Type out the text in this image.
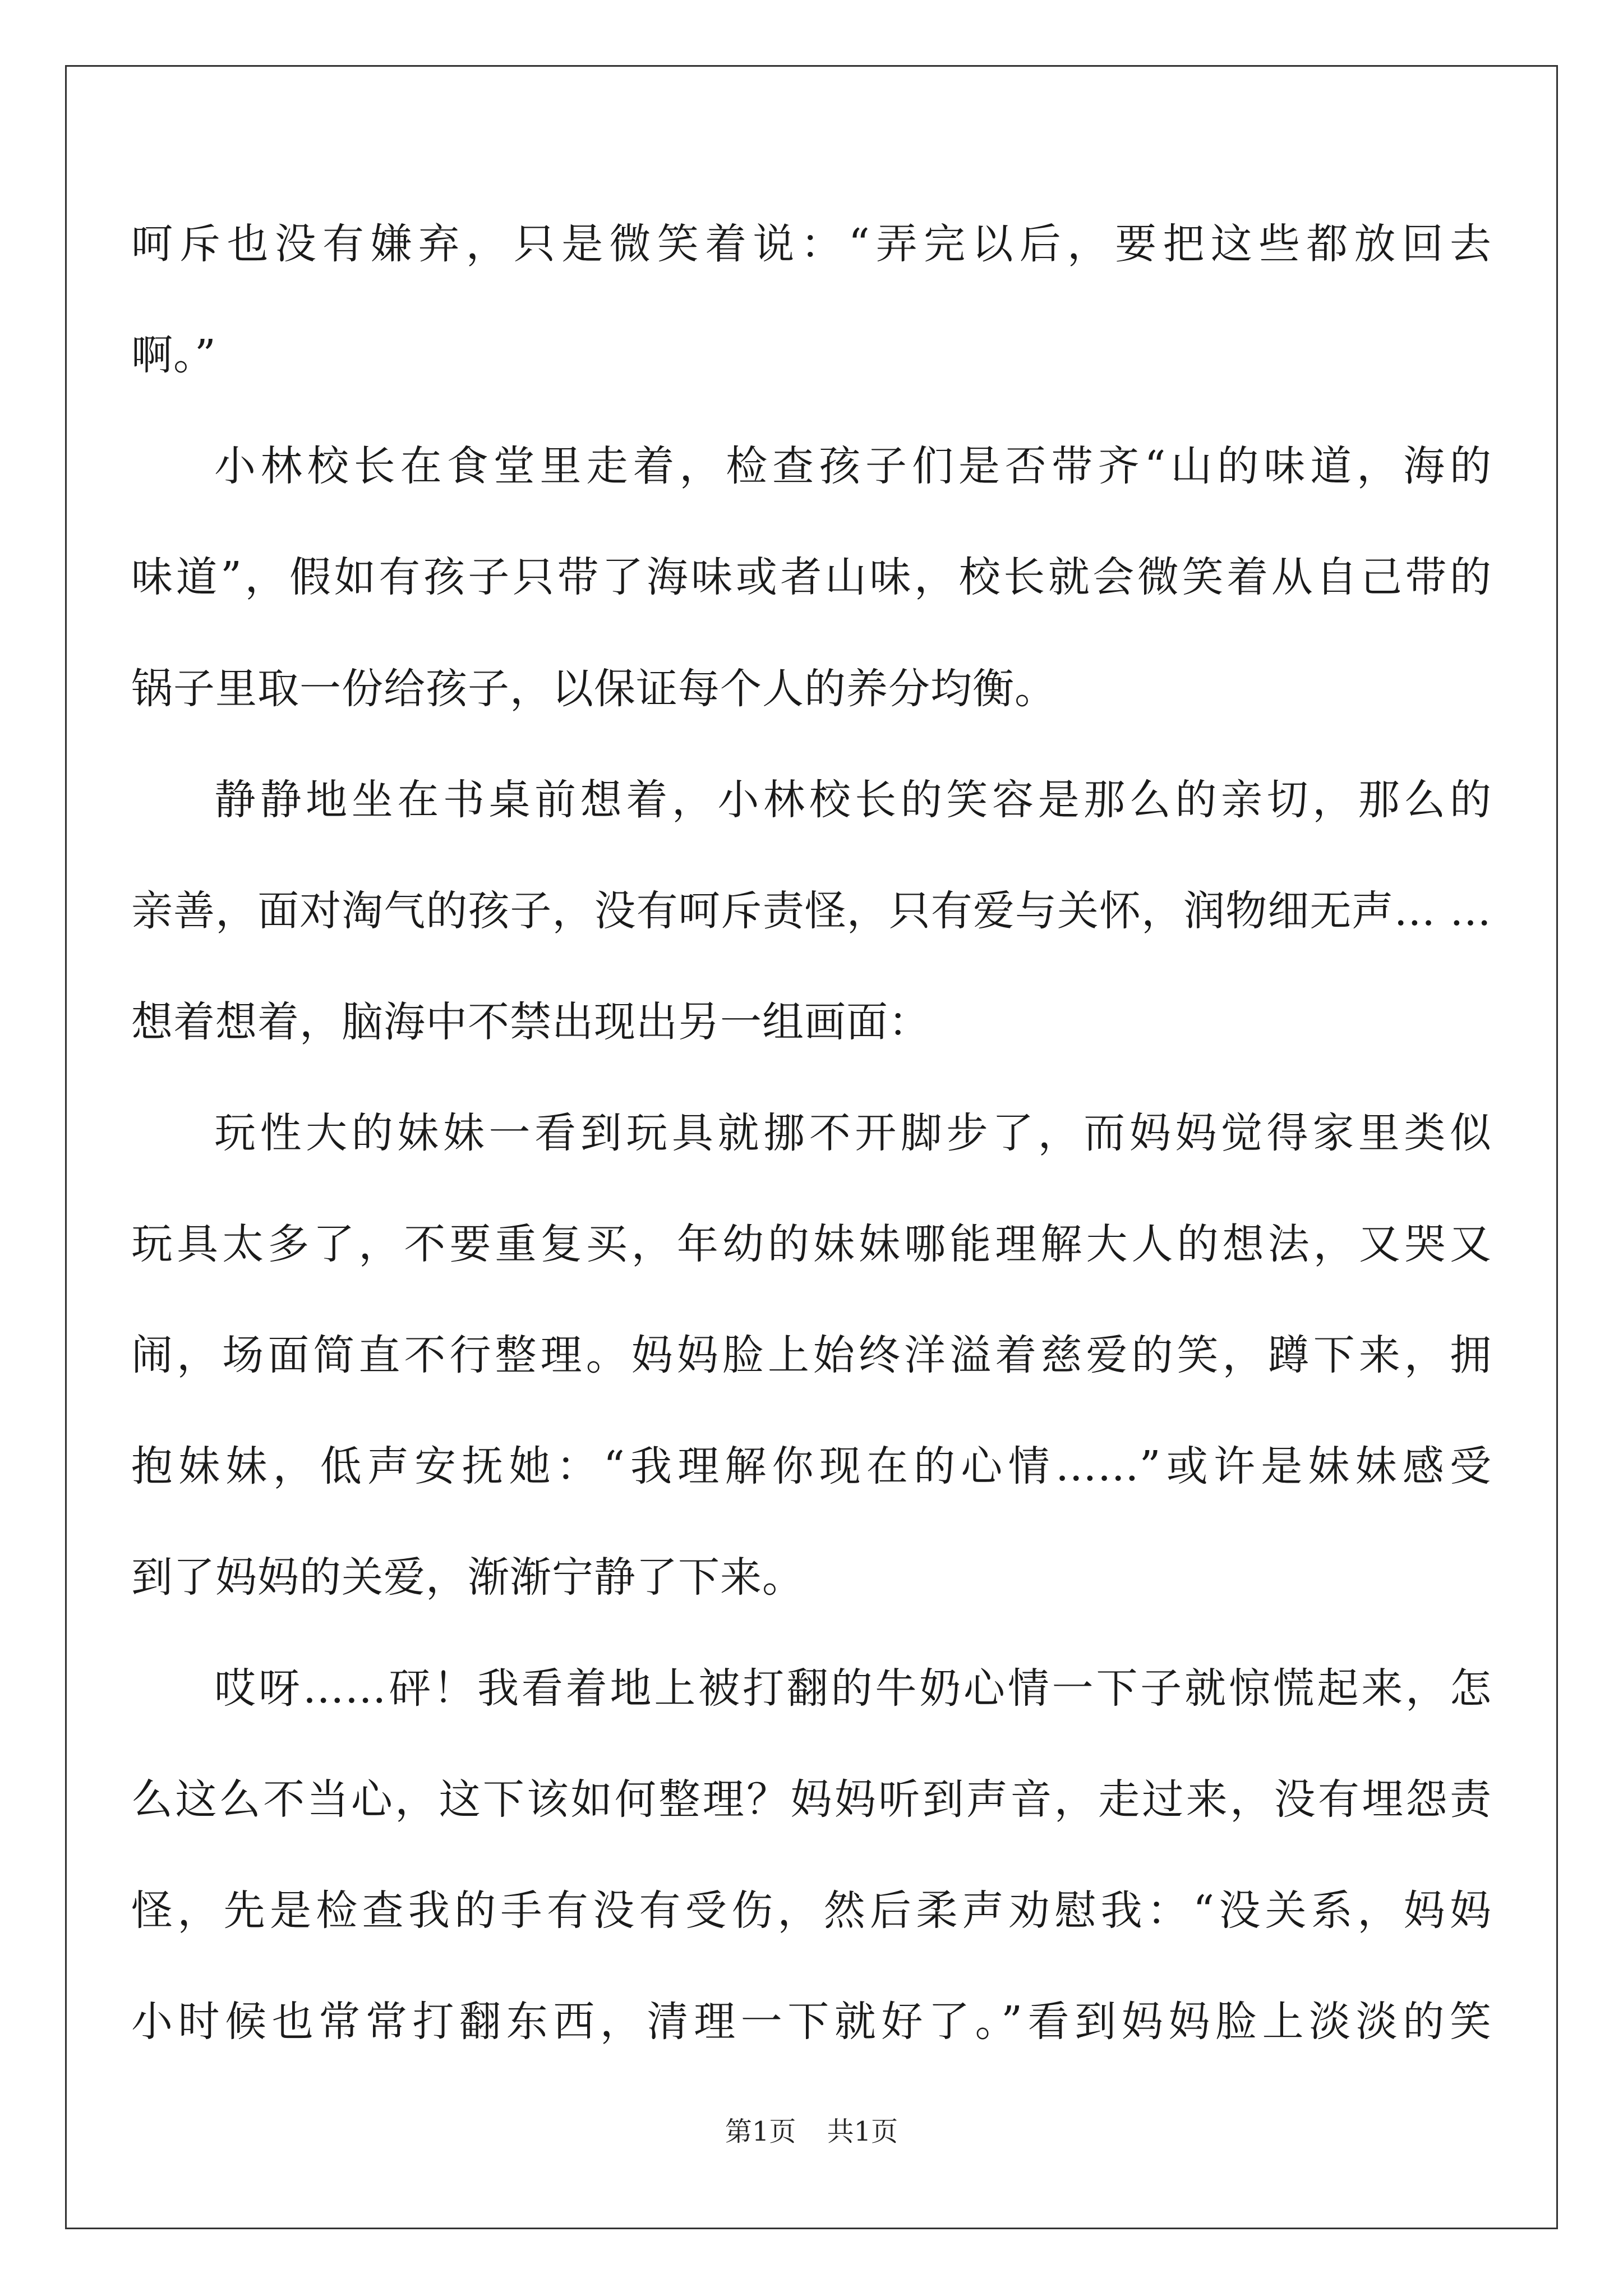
呵斥也没有嫌弃，只是微笑着说：“弄完以后，要把这些都放回去
啊。”
小林校长在食堂里走着，检查孩子们是否带齐“山的味道，海的
味道”，假如有孩子只带了海味或者山味，校长就会微笑着从自己带的
锅子里取一份给孩子，以保证每个人的养分均衡。
静静地坐在书桌前想着，小林校长的笑容是那么的亲切，那么的
亲善，面对淘气的孩子，没有呵斥责怪，只有爱与关怀，润物细无声… …
想着想着，脑海中不禁出现出另一组画面：
玩性大的妹妹一看到玩具就挪不开脚步了，而妈妈觉得家里类似
玩具太多了，不要重复买，年幼的妹妹哪能理解大人的想法，又哭又
闹，场面简直不行整理。妈妈脸上始终洋溢着慈爱的笑，蹲下来，拥
抱妹妹，低声安抚她：“我理解你现在的心情……”或许是妹妹感受
到了妈妈的关爱，渐渐宁静了下来。
哎呀……砰！我看着地上被打翻的牛奶心情一下子就惊慌起来，怎
么这么不当心，这下该如何整理？妈妈听到声音，走过来，没有埋怨责
怪，先是检查我的手有没有受伤，然后柔声劝慰我：“没关系，妈妈
小时候也常常打翻东西，清理一下就好了。”看到妈妈脸上淡淡的笑
第1页 共1页
